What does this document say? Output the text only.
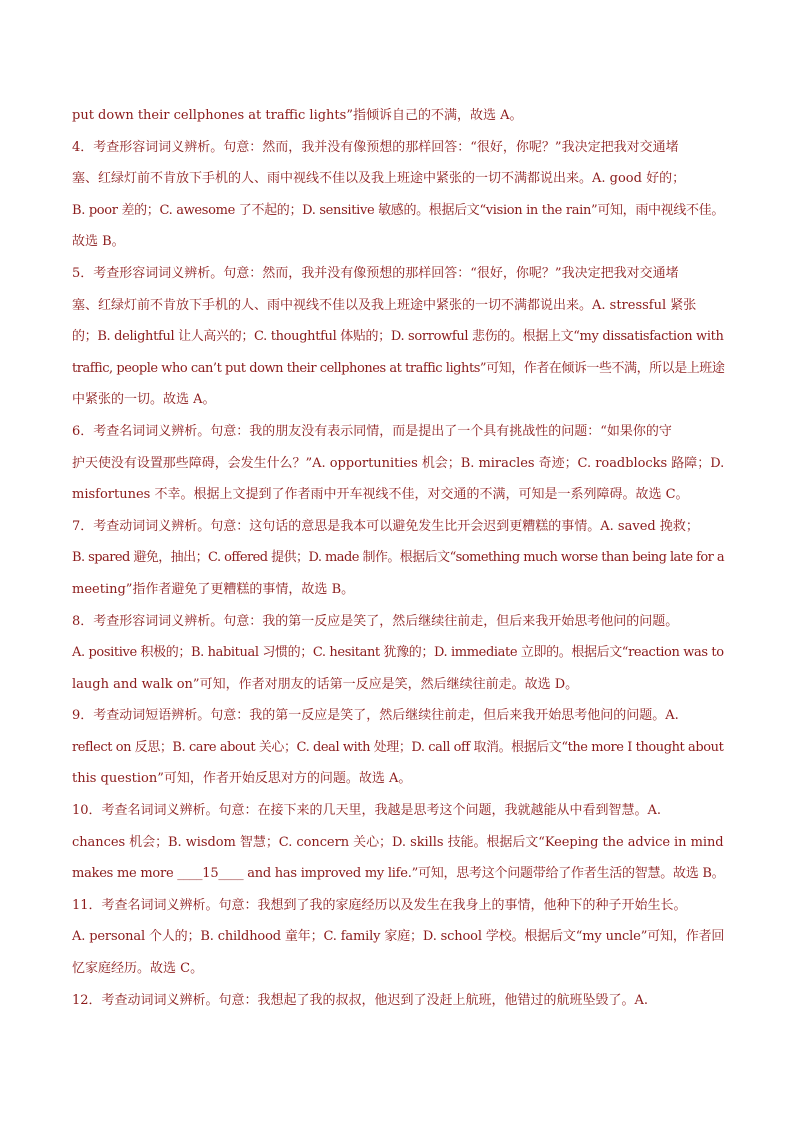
put down their cellphones at traffic lights”指倾诉自己的不满，故选 A。
4．考查形容词词义辨析。句意：然而，我并没有像预想的那样回答：“很好，你呢？”我决定把我对交通堵
塞、红绿灯前不肯放下手机的人、雨中视线不佳以及我上班途中紧张的一切不满都说出来。A. good 好的；
B. poor 差的；C. awesome 了不起的；D. sensitive 敏感的。根据后文“vision in the rain”可知，雨中视线不佳。
故选 B。
5．考查形容词词义辨析。句意：然而，我并没有像预想的那样回答：“很好，你呢？”我决定把我对交通堵
塞、红绿灯前不肯放下手机的人、雨中视线不佳以及我上班途中紧张的一切不满都说出来。A. stressful 紧张
的；B. delightful 让人高兴的；C. thoughtful 体贴的；D. sorrowful 悲伤的。根据上文“my dissatisfaction with
traffic, people who can’t put down their cellphones at traffic lights”可知，作者在倾诉一些不满，所以是上班途
中紧张的一切。故选 A。
6．考查名词词义辨析。句意：我的朋友没有表示同情，而是提出了一个具有挑战性的问题：“如果你的守
护天使没有设置那些障碍，会发生什么？”A. opportunities 机会；B. miracles 奇迹；C. roadblocks 路障；D.
misfortunes 不幸。根据上文提到了作者雨中开车视线不佳，对交通的不满，可知是一系列障碍。故选 C。
7．考查动词词义辨析。句意：这句话的意思是我本可以避免发生比开会迟到更糟糕的事情。A. saved 挽救；
B. spared 避免，抽出；C. offered 提供；D. made 制作。根据后文“something much worse than being late for a
meeting”指作者避免了更糟糕的事情，故选 B。
8．考查形容词词义辨析。句意：我的第一反应是笑了，然后继续往前走，但后来我开始思考他问的问题。
A. positive 积极的；B. habitual 习惯的；C. hesitant 犹豫的；D. immediate 立即的。根据后文“reaction was to
laugh and walk on”可知，作者对朋友的话第一反应是笑，然后继续往前走。故选 D。
9．考查动词短语辨析。句意：我的第一反应是笑了，然后继续往前走，但后来我开始思考他问的问题。A.
reflect on 反思；B. care about 关心；C. deal with 处理；D. call off 取消。根据后文“the more I thought about
this question”可知，作者开始反思对方的问题。故选 A。
10．考查名词词义辨析。句意：在接下来的几天里，我越是思考这个问题，我就越能从中看到智慧。A.
chances 机会；B. wisdom 智慧；C. concern 关心；D. skills 技能。根据后文“Keeping the advice in mind
makes me more ____15____ and has improved my life.”可知，思考这个问题带给了作者生活的智慧。故选 B。
11．考查名词词义辨析。句意：我想到了我的家庭经历以及发生在我身上的事情，他种下的种子开始生长。
A. personal 个人的；B. childhood 童年；C. family 家庭；D. school 学校。根据后文“my uncle”可知，作者回
忆家庭经历。故选 C。
12．考查动词词义辨析。句意：我想起了我的叔叔，他迟到了没赶上航班，他错过的航班坠毁了。A.
